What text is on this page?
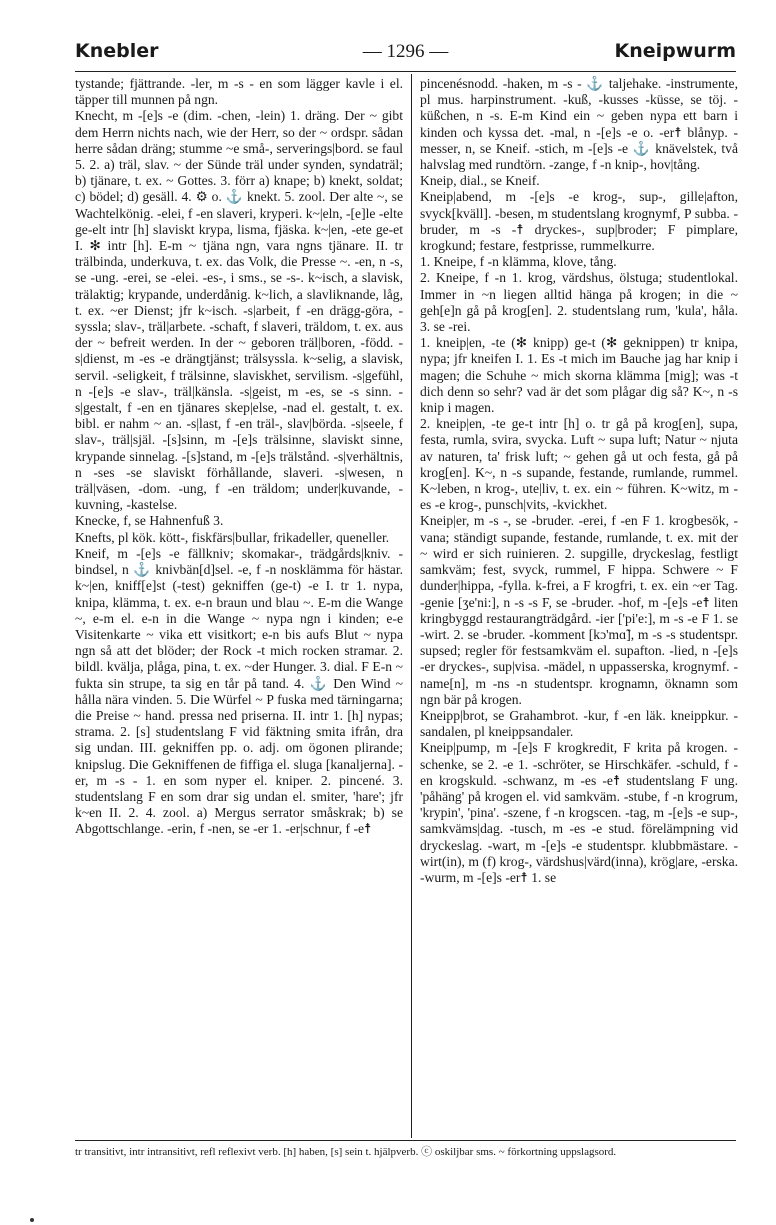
Knebler	— 1296 —	Kneipwurm

tystande; fjättrande. -ler, m -s - en som lägger kavle i el. täpper till munnen på ngn.

Knecht, m -[e]s -e (dim. -chen, -lein) 1. dräng. Der ~ gibt dem Herrn nichts nach, wie der Herr, so der ~ ordspr. sådan herre sådan dräng; stumme ~e små-, serverings|bord. se faul 5. 2. a) träl, slav. ~ der Sünde träl under synden, syndaträl; b) tjänare, t. ex. ~ Gottes. 3. förr a) knape; b) knekt, soldat; c) bödel; d) gesäll. 4. ⚙ o. ⚓ knekt. 5. zool. Der alte ~, se Wachtelkönig. -elei, f -en slaveri, kryperi. k~|eln, -[e]le -elte ge-elt intr [h] slaviskt krypa, lisma, fjäska. k~|en, -ete ge-et I. ✻ intr [h]. E-m ~ tjäna ngn, vara ngns tjänare. II. tr trälbinda, underkuva, t. ex. das Volk, die Presse ~. -en, n -s, se -ung. -erei, se -elei. -es-, i sms., se -s-. k~isch, a slavisk, trälaktig; krypande, underdånig. k~lich, a slavliknande, låg, t. ex. ~er Dienst; jfr k~isch. -s|arbeit, f -en drägg-göra, -syssla; slav-, träl|arbete. -schaft, f slaveri, träldom, t. ex. aus der ~ befreit werden. In der ~ geboren träl|boren, -född. -s|dienst, m -es -e drängtjänst; trälsyssla. k~selig, a slavisk, servil. -seligkeit, f trälsinne, slaviskhet, servilism. -s|gefühl, n -[e]s -e slav-, träl|känsla. -s|geist, m -es, se -s sinn. -s|gestalt, f -en en tjänares skep|else, -nad el. gestalt, t. ex. bibl. er nahm ~ an. -s|last, f -en träl-, slav|börda. -s|seele, f slav-, träl|själ. -[s]sinn, m -[e]s trälsinne, slaviskt sinne, krypande sinnelag. -[s]stand, m -[e]s trälstånd. -s|verhältnis, n -ses -se slaviskt förhållande, slaveri. -s|wesen, n träl|väsen, -dom. -ung, f -en träldom; under|kuvande, -kuvning, -kastelse.

Knecke, f, se Hahnenfuß 3.

Knefts, pl kök. kött-, fiskfärs|bullar, frikadeller, queneller.

Kneif, m -[e]s -e fällkniv; skomakar-, trädgårds|kniv. -bindsel, n ⚓ knivbän[d]sel. -e, f -n nosklämma för hästar. k~|en, kniff[e]st (-test) gekniffen (ge-t) -e I. tr 1. nypa, knipa, klämma, t. ex. e-n braun und blau ~. E-m die Wange ~, e-m el. e-n in die Wange ~ nypa ngn i kinden; e-e Visitenkarte ~ vika ett visitkort; e-n bis aufs Blut ~ nypa ngn så att det blöder; der Rock -t mich rocken stramar. 2. bildl. kvälja, plåga, pina, t. ex. ~der Hunger. 3. dial. F E-n ~ fukta sin strupe, ta sig en tår på tand. 4. ⚓ Den Wind ~ hålla nära vinden. 5. Die Würfel ~ P fuska med tärningarna; die Preise ~ hand. pressa ned priserna. II. intr 1. [h] nypas; strama. 2. [s] studentslang F vid fäktning smita ifrån, dra sig undan. III. gekniffen pp. o. adj. om ögonen plirande; knipslug. Die Gekniffenen de fiffiga el. sluga [kanaljerna]. -er, m -s - 1. en som nyper el. kniper. 2. pincené. 3. studentslang F en som drar sig undan el. smiter, 'hare'; jfr k~en II. 2. 4. zool. a) Mergus serrator småskrak; b) se Abgottschlange. -erin, f -nen, se -er 1. -er|schnur, f -e☨

pincenésnodd. -haken, m -s - ⚓ taljehake. -instrumente, pl mus. harpinstrument. -kuß, -kusses -küsse, se töj. -küßchen, n -s. E-m Kind ein ~ geben nypa ett barn i kinden och kyssa det. -mal, n -[e]s -e o. -er☨ blånyp. -messer, n, se Kneif. -stich, m -[e]s -e ⚓ knävelstek, två halvslag med rundtörn. -zange, f -n knip-, hov|tång.

Kneip, dial., se Kneif.

Kneip|abend, m -[e]s -e krog-, sup-, gille|afton, svyck[kväll]. -besen, m studentslang krognymf, P subba. -bruder, m -s -☨ dryckes-, sup|broder; F pimplare, krogkund; festare, festprisse, rummelkurre.

1. Kneipe, f -n klämma, klove, tång.

2. Kneipe, f -n 1. krog, värdshus, ölstuga; studentlokal. Immer in ~n liegen alltid hänga på krogen; in die ~ geh[e]n gå på krog[en]. 2. studentslang rum, 'kula', håla. 3. se -rei.

1. kneip|en, -te (✻ knipp) ge-t (✻ geknippen) tr knipa, nypa; jfr kneifen I. 1. Es -t mich im Bauche jag har knip i magen; die Schuhe ~ mich skorna klämma [mig]; was -t dich denn so sehr? vad är det som plågar dig så? K~, n -s knip i magen.

2. kneip|en, -te ge-t intr [h] o. tr gå på krog[en], supa, festa, rumla, svira, svycka. Luft ~ supa luft; Natur ~ njuta av naturen, ta' frisk luft; ~ gehen gå ut och festa, gå på krog[en]. K~, n -s supande, festande, rumlande, rummel. K~leben, n krog-, ute|liv, t. ex. ein ~ führen. K~witz, m -es -e krog-, punsch|vits, -kvickhet.

Kneip|er, m -s -, se -bruder. -erei, f -en F 1. krogbesök, -vana; ständigt supande, festande, rumlande, t. ex. mit der ~ wird er sich ruinieren. 2. supgille, dryckeslag, festligt samkväm; fest, svyck, rummel, F hippa. Schwere ~ F dunder|hippa, -fylla. k-frei, a F krogfri, t. ex. ein ~er Tag. -genie [ʒe'ni:], n -s -s F, se -bruder. -hof, m -[e]s -e☨ liten kringbyggd restaurangträdgård. -ier ['pi'e:], m -s -e F 1. se -wirt. 2. se -bruder. -komment [kɔ'mɑ̃], m -s -s studentspr. supsed; regler för festsamkväm el. supafton. -lied, n -[e]s -er dryckes-, sup|visa. -mädel, n uppasserska, krognymf. -name[n], m -ns -n studentspr. krognamn, öknamn som ngn bär på krogen.

Kneipp|brot, se Grahambrot. -kur, f -en läk. kneippkur. -sandalen, pl kneippsandaler.

Kneip|pump, m -[e]s F krogkredit, F krita på krogen. -schenke, se 2. -e 1. -schröter, se Hirschkäfer. -schuld, f -en krogskuld. -schwanz, m -es -e☨ studentslang F ung. 'påhäng' på krogen el. vid samkväm. -stube, f -n krogrum, 'krypin', 'pina'. -szene, f -n krogscen. -tag, m -[e]s -e sup-, samkväms|dag. -tusch, m -es -e stud. förelämpning vid dryckeslag. -wart, m -[e]s -e studentspr. klubbmästare. -wirt(in), m (f) krog-, värdshus|värd(inna), krög|are, -erska. -wurm, m -[e]s -er☨ 1. se

tr transitivt, intr intransitivt, refl reflexivt verb. [h] haben, [s] sein t. hjälpverb. ⓒ oskiljbar sms. ~ förkortning uppslagsord.
